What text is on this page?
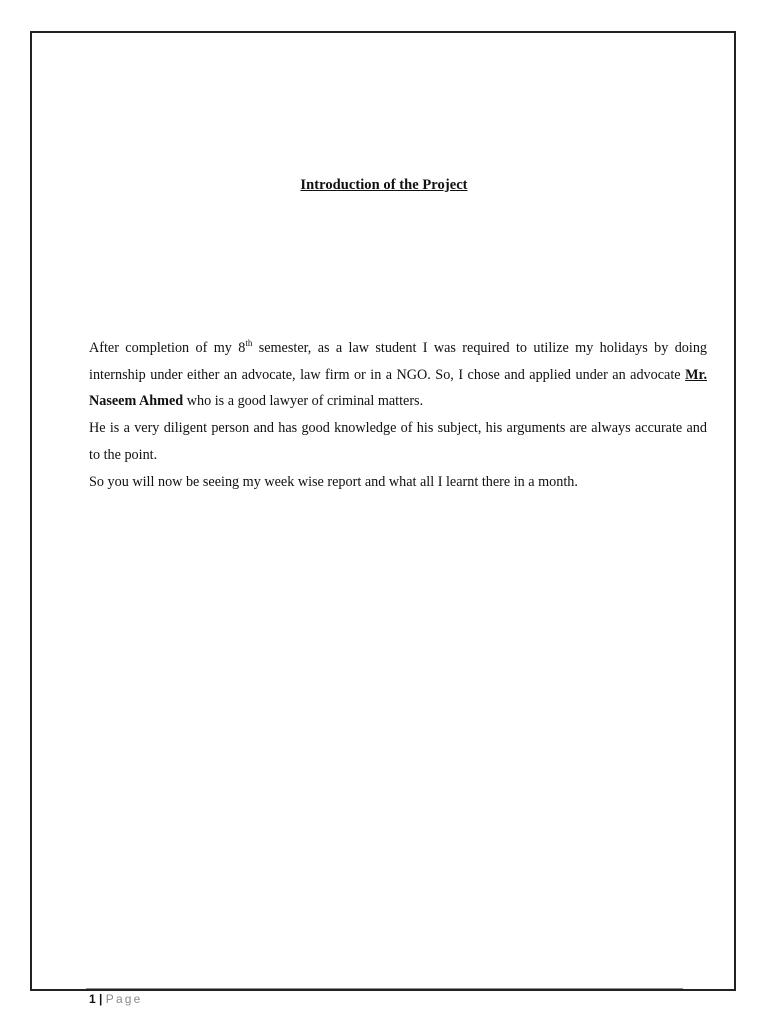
Introduction of the Project

After completion of my 8th semester, as a law student I was required to utilize my holidays by doing internship under either an advocate, law firm or in a NGO. So, I chose and applied under an advocate Mr. Naseem Ahmed who is a good lawyer of criminal matters.

He is a very diligent person and has good knowledge of his subject, his arguments are always accurate and to the point.

So you will now be seeing my week wise report and what all I learnt there in a month.

1 | Page
